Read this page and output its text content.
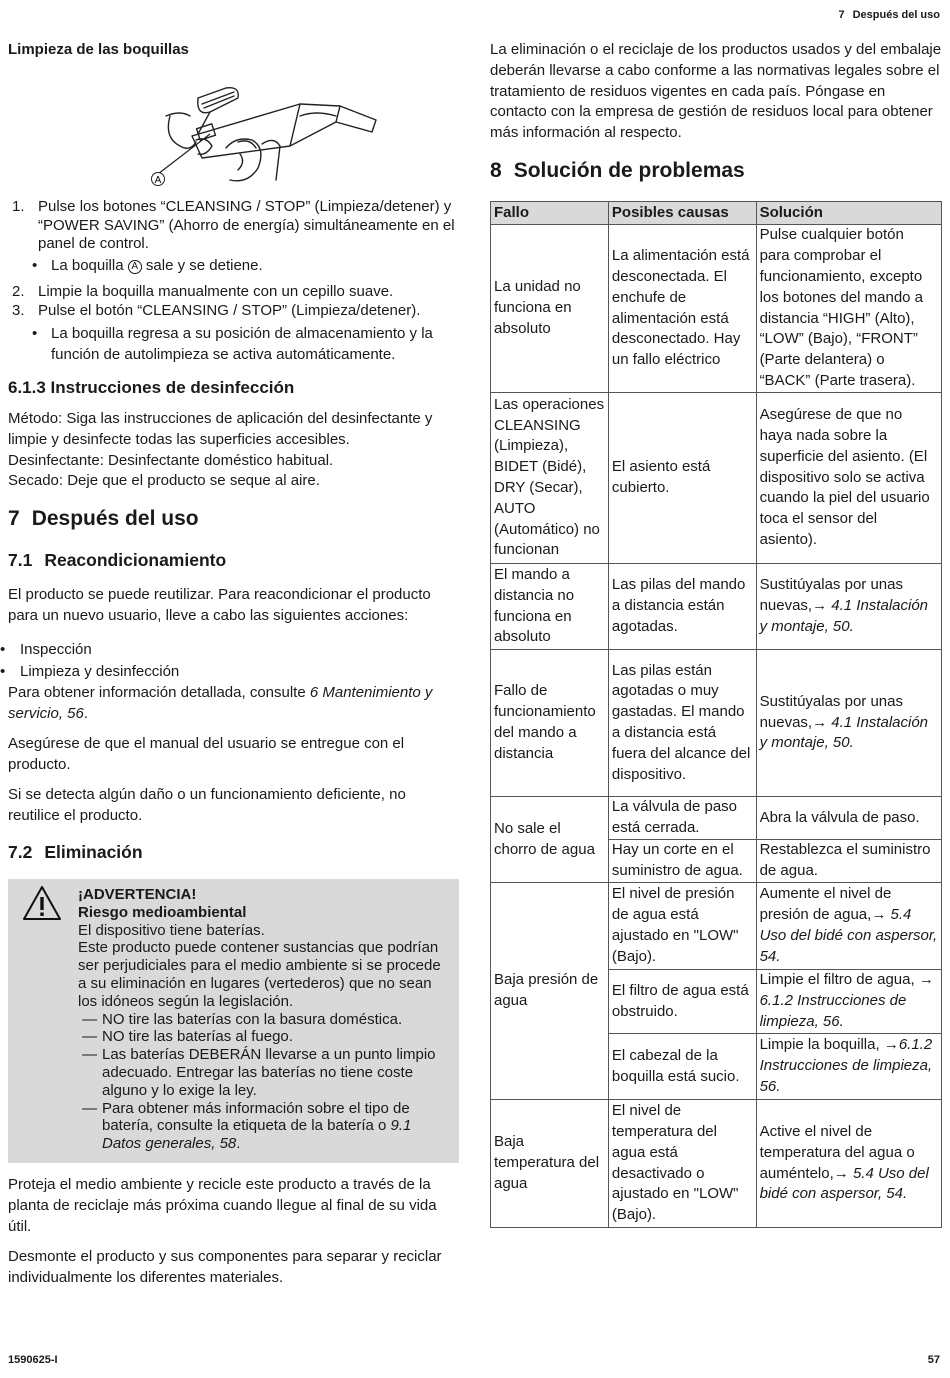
7 Después del uso
Limpieza de las boquillas
A
1. Pulse los botones “CLEANSING / STOP” (Limpieza/detener) y “POWER SAVING” (Ahorro de energía) simultáneamente en el panel de control.
• La boquilla A sale y se detiene.
2. Limpie la boquilla manualmente con un cepillo suave.
3. Pulse el botón “CLEANSING / STOP” (Limpieza/detener).
• La boquilla regresa a su posición de almacenamiento y la función de autolimpieza se activa automáticamente.
6.1.3 Instrucciones de desinfección
Método: Siga las instrucciones de aplicación del desinfectante y limpie y desinfecte todas las superficies accesibles.
Desinfectante: Desinfectante doméstico habitual.
Secado: Deje que el producto se seque al aire.
7 Después del uso
7.1 Reacondicionamiento
El producto se puede reutilizar. Para reacondicionar el producto para un nuevo usuario, lleve a cabo las siguientes acciones:
• Inspección
• Limpieza y desinfección
Para obtener información detallada, consulte 6 Mantenimiento y servicio, 56.
Asegúrese de que el manual del usuario se entregue con el producto.
Si se detecta algún daño o un funcionamiento deficiente, no reutilice el producto.
7.2 Eliminación
¡ADVERTENCIA!
Riesgo medioambiental
El dispositivo tiene baterías.
Este producto puede contener sustancias que podrían ser perjudiciales para el medio ambiente si se procede a su eliminación en lugares (vertederos) que no sean los idóneos según la legislación.
— NO tire las baterías con la basura doméstica.
— NO tire las baterías al fuego.
— Las baterías DEBERÁN llevarse a un punto limpio adecuado. Entregar las baterías no tiene coste alguno y lo exige la ley.
— Para obtener más información sobre el tipo de batería, consulte la etiqueta de la batería o 9.1 Datos generales, 58.
Proteja el medio ambiente y recicle este producto a través de la planta de reciclaje más próxima cuando llegue al final de su vida útil.
Desmonte el producto y sus componentes para separar y reciclar individualmente los diferentes materiales.
La eliminación o el reciclaje de los productos usados y del embalaje deberán llevarse a cabo conforme a las normativas legales sobre el tratamiento de residuos vigentes en cada país. Póngase en contacto con la empresa de gestión de residuos local para obtener más información al respecto.
8 Solución de problemas
Fallo	Posibles causas	Solución
La unidad no funciona en absoluto	La alimentación está desconectada. El enchufe de alimentación está desconectado. Hay un fallo eléctrico	Pulse cualquier botón para comprobar el funcionamiento, excepto los botones del mando a distancia “HIGH” (Alto), “LOW” (Bajo), “FRONT” (Parte delantera) o “BACK” (Parte trasera).
Las operaciones CLEANSING (Limpieza), BIDET (Bidé), DRY (Secar), AUTO (Automático) no funcionan	El asiento está cubierto.	Asegúrese de que no haya nada sobre la superficie del asiento. (El dispositivo solo se activa cuando la piel del usuario toca el sensor del asiento).
El mando a distancia no funciona en absoluto	Las pilas del mando a distancia están agotadas.	Sustitúyalas por unas nuevas,→ 4.1 Instalación y montaje, 50.
Fallo de funcionamiento del mando a distancia	Las pilas están agotadas o muy gastadas. El mando a distancia está fuera del alcance del dispositivo.	Sustitúyalas por unas nuevas,→ 4.1 Instalación y montaje, 50.
No sale el chorro de agua	La válvula de paso está cerrada.	Abra la válvula de paso.
	Hay un corte en el suministro de agua.	Restablezca el suministro de agua.
Baja presión de agua	El nivel de presión de agua está ajustado en "LOW" (Bajo).	Aumente el nivel de presión de agua,→ 5.4 Uso del bidé con aspersor, 54.
	El filtro de agua está obstruido.	Limpie el filtro de agua, → 6.1.2 Instrucciones de limpieza, 56.
	El cabezal de la boquilla está sucio.	Limpie la boquilla, →6.1.2 Instrucciones de limpieza, 56.
Baja temperatura del agua	El nivel de temperatura del agua está desactivado o ajustado en "LOW" (Bajo).	Active el nivel de temperatura del agua o auméntelo,→ 5.4 Uso del bidé con aspersor, 54.
1590625-I	57
